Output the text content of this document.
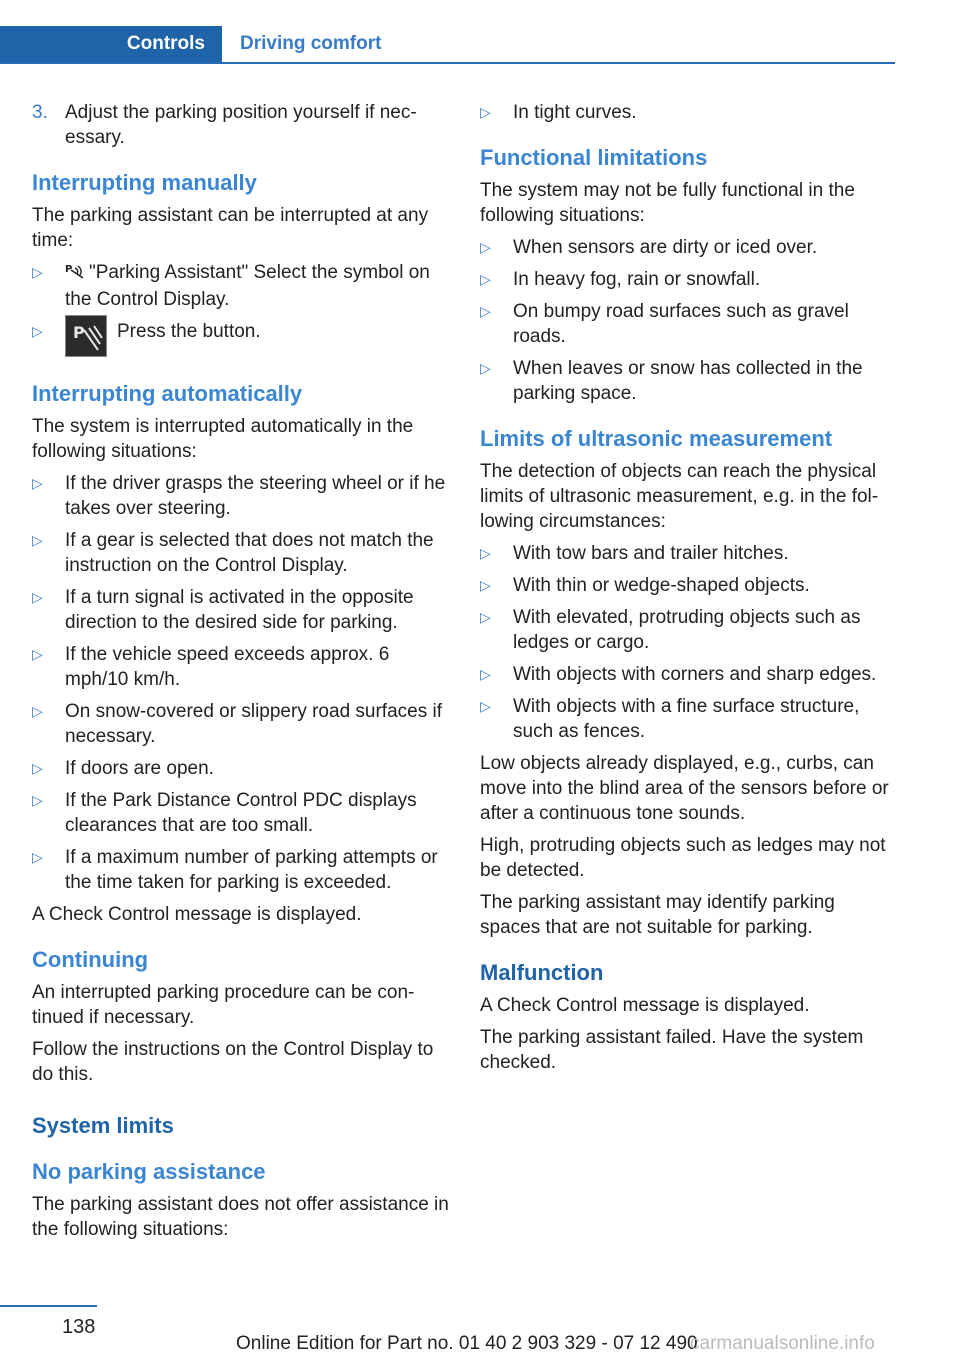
Controls	Driving comfort
3. Adjust the parking position yourself if necessary.
Interrupting manually

The parking assistant can be interrupted at any time:

▷ P "Parking Assistant" Select the symbol on the Control Display.
▷ P Press the button.
Interrupting automatically

The system is interrupted automatically in the following situations:

▷ If the driver grasps the steering wheel or if he takes over steering.
▷ If a gear is selected that does not match the instruction on the Control Display.
▷ If a turn signal is activated in the opposite direction to the desired side for parking.
▷ If the vehicle speed exceeds approx. 6 mph/10 km/h.
▷ On snow-covered or slippery road surfaces if necessary.
▷ If doors are open.
▷ If the Park Distance Control PDC displays clearances that are too small.
▷ If a maximum number of parking attempts or the time taken for parking is exceeded.

A Check Control message is displayed.

Continuing

An interrupted parking procedure can be continued if necessary.

Follow the instructions on the Control Display to do this.

System limits
No parking assistance

The parking assistant does not offer assistance in the following situations:

▷ In tight curves.
Functional limitations

The system may not be fully functional in the following situations:

▷ When sensors are dirty or iced over.
▷ In heavy fog, rain or snowfall.
▷ On bumpy road surfaces such as gravel roads.
▷ When leaves or snow has collected in the parking space.
Limits of ultrasonic measurement

The detection of objects can reach the physical limits of ultrasonic measurement, e.g. in the following circumstances:

▷ With tow bars and trailer hitches.
▷ With thin or wedge-shaped objects.
▷ With elevated, protruding objects such as ledges or cargo.
▷ With objects with corners and sharp edges.
▷ With objects with a fine surface structure, such as fences.

Low objects already displayed, e.g., curbs, can move into the blind area of the sensors before or after a continuous tone sounds.

High, protruding objects such as ledges may not be detected.

The parking assistant may identify parking spaces that are not suitable for parking.

Malfunction

A Check Control message is displayed.

The parking assistant failed. Have the system checked.

138
Online Edition for Part no. 01 40 2 903 329 - 07 12 490
carmanualsonline.info
